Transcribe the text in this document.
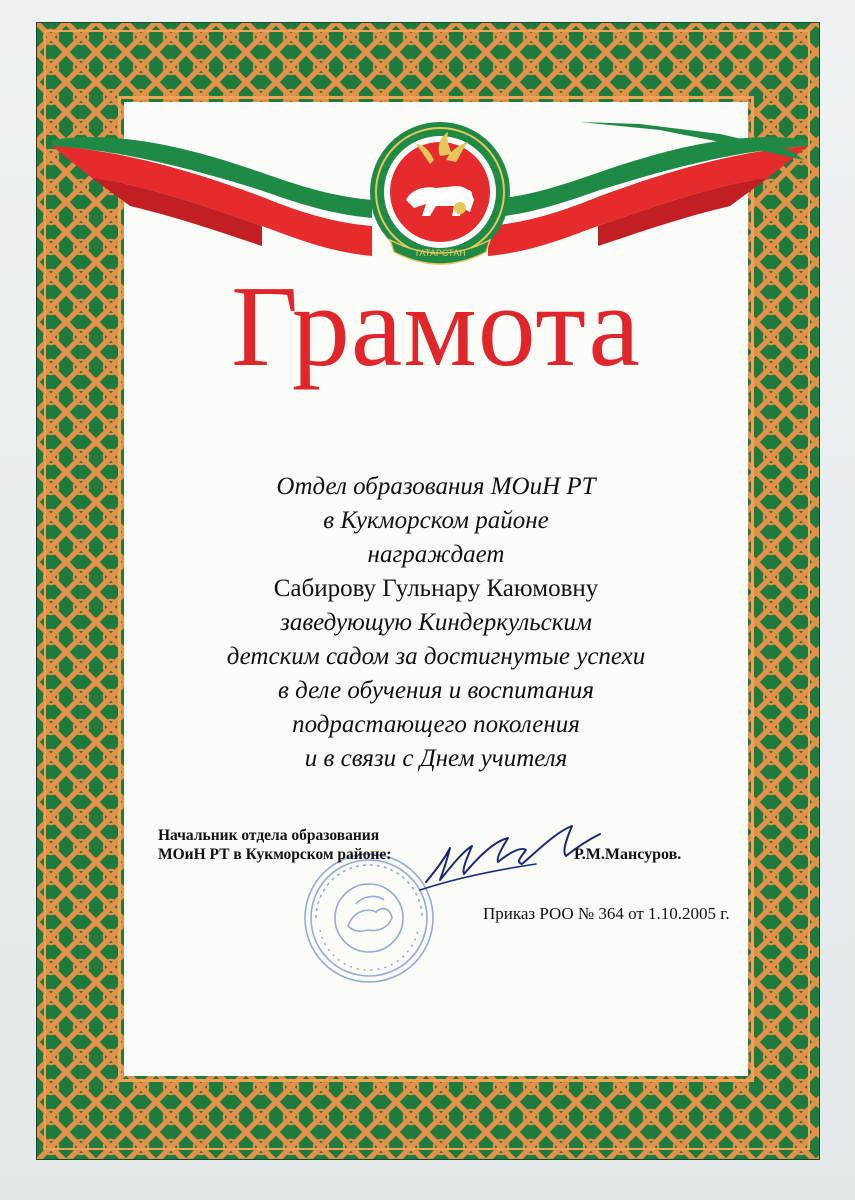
ТАТАРСТАН
Грамота
Отдел образования МОиН РТ
в Кукморском районе
награждает
Сабирову Гульнару Каюмовну
заведующую Киндеркульским
детским садом за достигнутые успехи
в деле обучения и воспитания
подрастающего поколения
и в связи с Днем учителя
Начальник отдела образования
МОиН РТ в Кукморском районе:	Р.М.Мансуров.
Приказ РОО № 364 от 1.10.2005 г.
